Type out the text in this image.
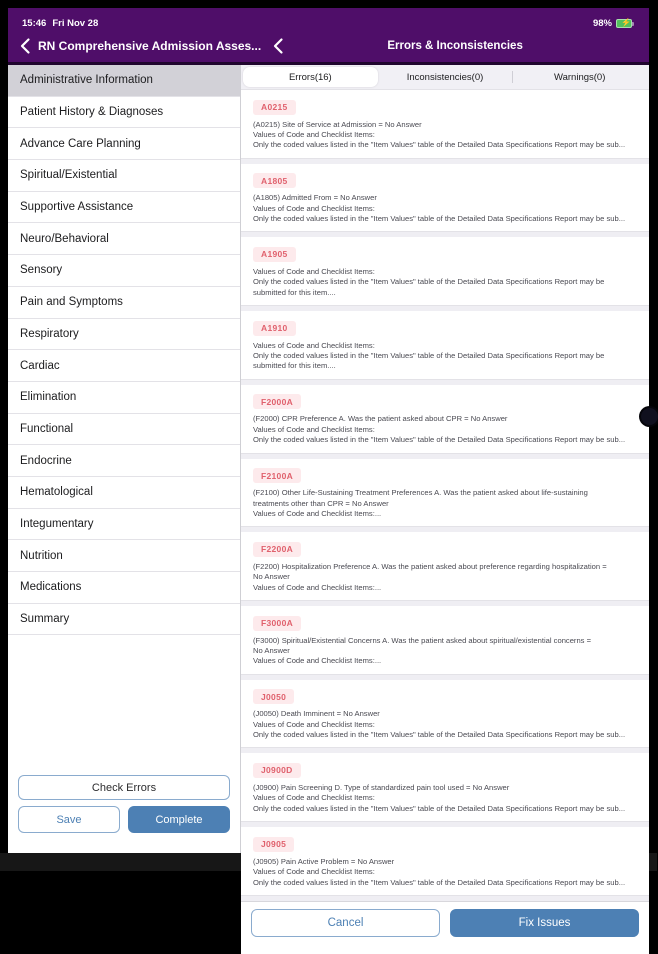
15:46 Fri Nov 28	98% ⚡
RN Comprehensive Admission Asses...	Errors & Inconsistencies
Administrative Information
Patient History & Diagnoses
Advance Care Planning
Spiritual/Existential
Supportive Assistance
Neuro/Behavioral
Sensory
Pain and Symptoms
Respiratory
Cardiac
Elimination
Functional
Endocrine
Hematological
Integumentary
Nutrition
Medications
Summary
Check Errors
Save	Complete
Errors(16)	Inconsistencies(0)	Warnings(0)
A0215
(A0215) Site of Service at Admission = No Answer
Values of Code and Checklist Items:
Only the coded values listed in the "Item Values" table of the Detailed Data Specifications Report may be sub...
A1805
(A1805) Admitted From = No Answer
Values of Code and Checklist Items:
Only the coded values listed in the "Item Values" table of the Detailed Data Specifications Report may be sub...
A1905
Values of Code and Checklist Items:
Only the coded values listed in the "Item Values" table of the Detailed Data Specifications Report may be
submitted for this item....
A1910
Values of Code and Checklist Items:
Only the coded values listed in the "Item Values" table of the Detailed Data Specifications Report may be
submitted for this item....
F2000A
(F2000) CPR Preference A. Was the patient asked about CPR = No Answer
Values of Code and Checklist Items:
Only the coded values listed in the "Item Values" table of the Detailed Data Specifications Report may be sub...
F2100A
(F2100) Other Life-Sustaining Treatment Preferences A. Was the patient asked about life-sustaining
treatments other than CPR = No Answer
Values of Code and Checklist Items:...
F2200A
(F2200) Hospitalization Preference A. Was the patient asked about preference regarding hospitalization =
No Answer
Values of Code and Checklist Items:...
F3000A
(F3000) Spiritual/Existential Concerns A. Was the patient asked about spiritual/existential concerns =
No Answer
Values of Code and Checklist Items:...
J0050
(J0050) Death Imminent = No Answer
Values of Code and Checklist Items:
Only the coded values listed in the "Item Values" table of the Detailed Data Specifications Report may be sub...
J0900D
(J0900) Pain Screening D. Type of standardized pain tool used = No Answer
Values of Code and Checklist Items:
Only the coded values listed in the "Item Values" table of the Detailed Data Specifications Report may be sub...
J0905
(J0905) Pain Active Problem = No Answer
Values of Code and Checklist Items:
Only the coded values listed in the "Item Values" table of the Detailed Data Specifications Report may be sub...
Cancel	Fix Issues
